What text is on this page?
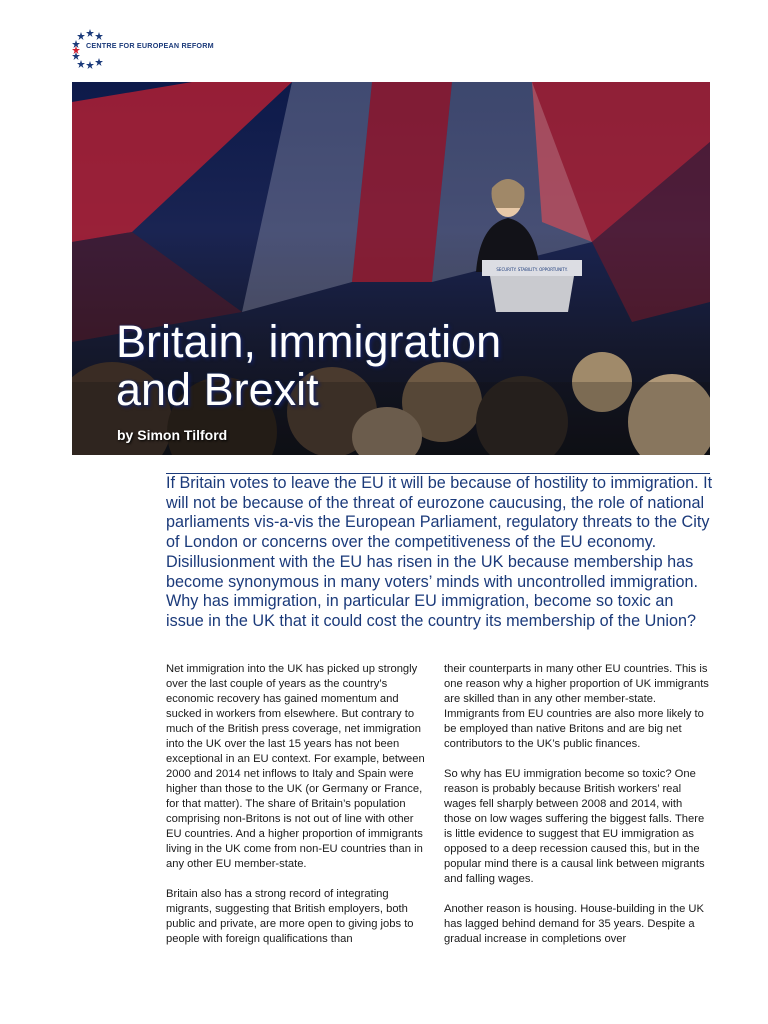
CENTRE FOR EUROPEAN REFORM
SECURITY. STABILITY. OPPORTUNITY.
Britain, immigration
and Brexit
by Simon Tilford

If Britain votes to leave the EU it will be because of hostility to immigration. It will not be because of the threat of eurozone caucusing, the role of national parliaments vis-a-vis the European Parliament, regulatory threats to the City of London or concerns over the competitiveness of the EU economy. Disillusionment with the EU has risen in the UK because membership has become synonymous in many voters’ minds with uncontrolled immigration. Why has immigration, in particular EU immigration, become so toxic an issue in the UK that it could cost the country its membership of the Union?

Net immigration into the UK has picked up strongly over the last couple of years as the country’s economic recovery has gained momentum and sucked in workers from elsewhere. But contrary to much of the British press coverage, net immigration into the UK over the last 15 years has not been exceptional in an EU context. For example, between 2000 and 2014 net inflows to Italy and Spain were higher than those to the UK (or Germany or France, for that matter). The share of Britain’s population comprising non-Britons is not out of line with other EU countries. And a higher proportion of immigrants living in the UK come from non-EU countries than in any other EU member-state.

Britain also has a strong record of integrating migrants, suggesting that British employers, both public and private, are more open to giving jobs to people with foreign qualifications than

their counterparts in many other EU countries. This is one reason why a higher proportion of UK immigrants are skilled than in any other member-state. Immigrants from EU countries are also more likely to be employed than native Britons and are big net contributors to the UK’s public finances.

So why has EU immigration become so toxic? One reason is probably because British workers’ real wages fell sharply between 2008 and 2014, with those on low wages suffering the biggest falls. There is little evidence to suggest that EU immigration as opposed to a deep recession caused this, but in the popular mind there is a causal link between migrants and falling wages.

Another reason is housing. House-building in the UK has lagged behind demand for 35 years. Despite a gradual increase in completions over
